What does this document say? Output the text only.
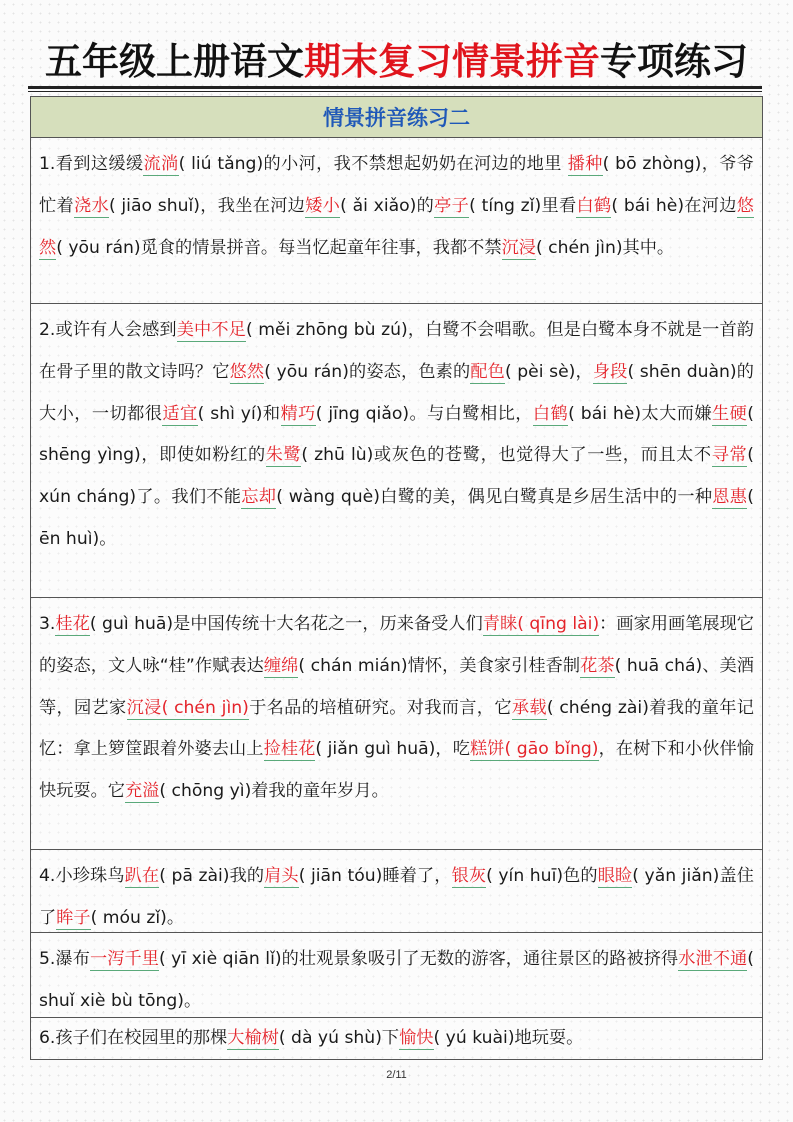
五年级上册语文期末复习情景拼音专项练习
情景拼音练习二
1.看到这缓缓流淌( liú tǎng)的小河，我不禁想起奶奶在河边的地里 播种( bō zhòng)，爷爷忙着浇水( jiāo shuǐ)，我坐在河边矮小( ǎi xiǎo)的亭子( tíng zǐ)里看白鹤( bái hè)在河边悠然( yōu rán)觅食的情景拼音。每当忆起童年往事，我都不禁沉浸( chén jìn)其中。
2.或许有人会感到美中不足( měi zhōng bù zú)，白鹭不会唱歌。但是白鹭本身不就是一首韵在骨子里的散文诗吗？它悠然( yōu rán)的姿态，色素的配色( pèi sè)，身段( shēn duàn)的大小，一切都很适宜( shì yí)和精巧( jīng qiǎo)。与白鹭相比，白鹤( bái hè)太大而嫌生硬( shēng yìng)，即使如粉红的朱鹭( zhū lù)或灰色的苍鹭，也觉得大了一些，而且太不寻常( xún cháng)了。我们不能忘却( wàng què)白鹭的美，偶见白鹭真是乡居生活中的一种恩惠( ēn huì)。
3.桂花( guì huā)是中国传统十大名花之一，历来备受人们青睐( qīng lài)：画家用画笔展现它的姿态，文人咏“桂”作赋表达缠绵( chán mián)情怀，美食家引桂香制花茶( huā chá)、美酒等，园艺家沉浸( chén jìn)于名品的培植研究。对我而言，它承载( chéng zài)着我的童年记忆：拿上箩筐跟着外婆去山上捡桂花( jiǎn guì huā)，吃糕饼( gāo bǐng)，在树下和小伙伴愉快玩耍。它充溢( chōng yì)着我的童年岁月。
4.小珍珠鸟趴在( pā zài)我的肩头( jiān tóu)睡着了，银灰( yín huī)色的眼睑( yǎn jiǎn)盖住了眸子( móu zǐ)。
5.瀑布一泻千里( yī xiè qiān lǐ)的壮观景象吸引了无数的游客，通往景区的路被挤得水泄不通( shuǐ xiè bù tōng)。
6.孩子们在校园里的那棵大榆树( dà yú shù)下愉快( yú kuài)地玩耍。
2/11
